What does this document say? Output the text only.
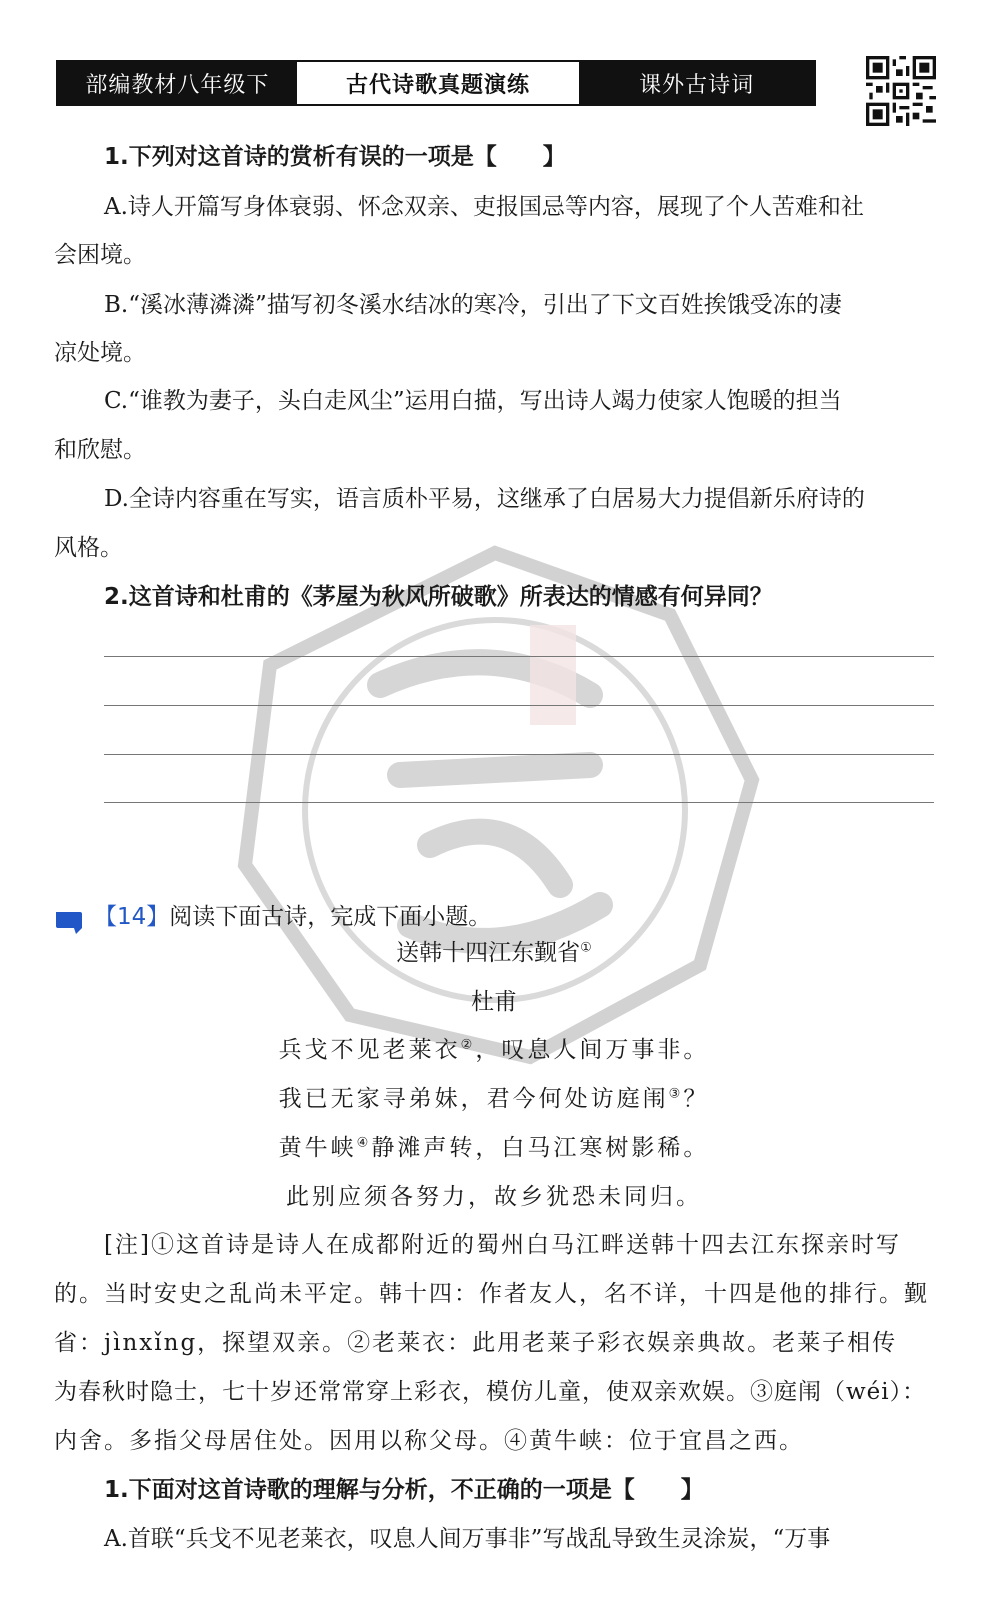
部编教材八年级下	古代诗歌真题演练	课外古诗词
1.下列对这首诗的赏析有误的一项是【　　】
A.诗人开篇写身体衰弱、怀念双亲、吏报国忌等内容，展现了个人苦难和社
会困境。
B.“溪冰薄潾潾”描写初冬溪水结冰的寒冷，引出了下文百姓挨饿受冻的凄
凉处境。
C.“谁教为妻子，头白走风尘”运用白描，写出诗人竭力使家人饱暖的担当
和欣慰。
D.全诗内容重在写实，语言质朴平易，这继承了白居易大力提倡新乐府诗的
风格。
2.这首诗和杜甫的《茅屋为秋风所破歌》所表达的情感有何异同？
【14】阅读下面古诗，完成下面小题。
送韩十四江东觐省①
杜甫
兵戈不见老莱衣②，叹息人间万事非。
我已无家寻弟妹，君今何处访庭闱③？
黄牛峡④静滩声转，白马江寒树影稀。
此别应须各努力，故乡犹恐未同归。
[注]①这首诗是诗人在成都附近的蜀州白马江畔送韩十四去江东探亲时写
的。当时安史之乱尚未平定。韩十四：作者友人，名不详，十四是他的排行。觐
省：jìnxǐng，探望双亲。②老莱衣：此用老莱子彩衣娱亲典故。老莱子相传
为春秋时隐士，七十岁还常常穿上彩衣，模仿儿童，使双亲欢娱。③庭闱（wéi）：
内舍。多指父母居住处。因用以称父母。④黄牛峡：位于宜昌之西。
1.下面对这首诗歌的理解与分析，不正确的一项是【　　】
A.首联“兵戈不见老莱衣，叹息人间万事非”写战乱导致生灵涂炭，“万事
